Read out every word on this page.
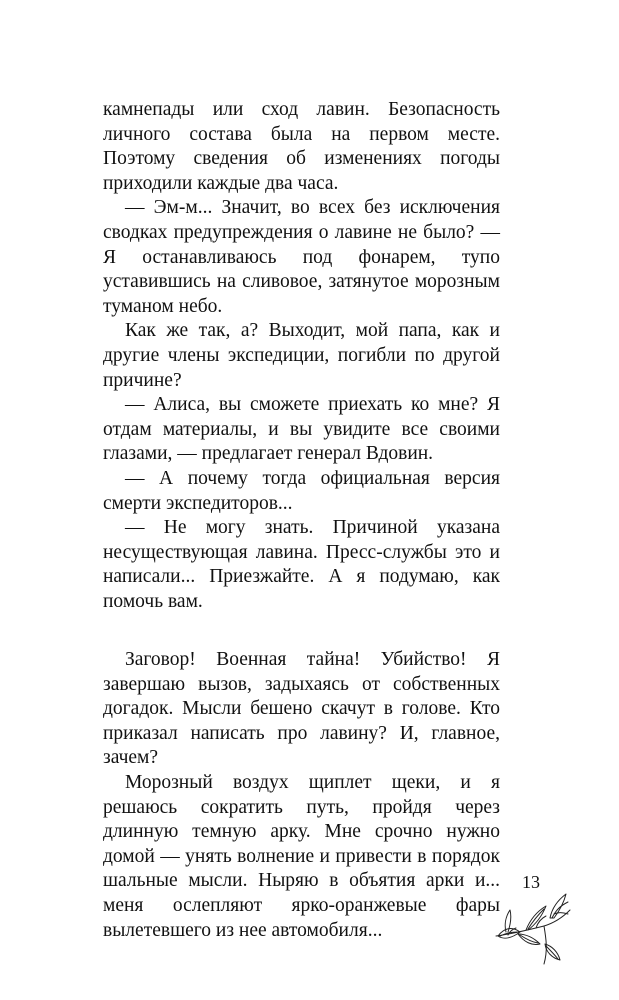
камнепады или сход лавин. Безопасность личного состава была на первом месте. Поэтому сведения об изменениях погоды приходили каждые два часа.

— Эм-м... Значит, во всех без исключения сводках предупреждения о лавине не было? — Я останавливаюсь под фонарем, тупо уставившись на сливовое, затянутое морозным туманом небо.

Как же так, а? Выходит, мой папа, как и другие члены экспедиции, погибли по другой причине?

— Алиса, вы сможете приехать ко мне? Я отдам материалы, и вы увидите все своими глазами, — предлагает генерал Вдовин.

— А почему тогда официальная версия смерти экспедиторов...

— Не могу знать. Причиной указана несуществующая лавина. Пресс-службы это и написали... Приезжайте. А я подумаю, как помочь вам.

Заговор! Военная тайна! Убийство! Я завершаю вызов, задыхаясь от собственных догадок. Мысли бешено скачут в голове. Кто приказал написать про лавину? И, главное, зачем?

Морозный воздух щиплет щеки, и я решаюсь сократить путь, пройдя через длинную темную арку. Мне срочно нужно домой — унять волнение и привести в порядок шальные мысли. Ныряю в объятия арки и... меня ослепляют ярко-оранжевые фары вылетевшего из нее автомобиля...

13
